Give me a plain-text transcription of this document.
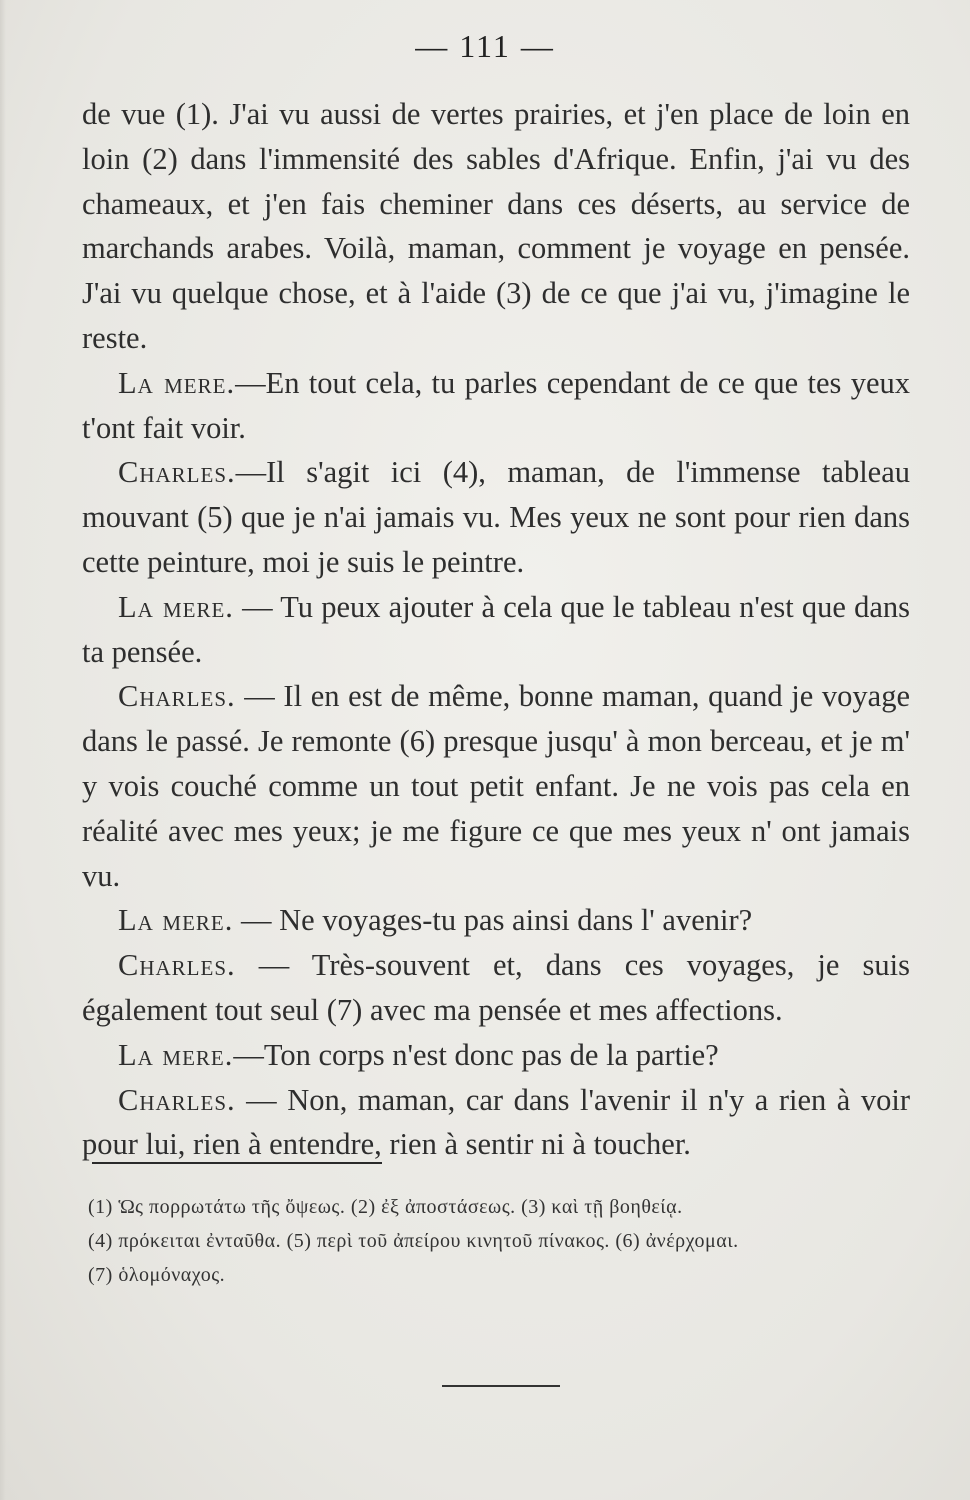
— 111 —

de vue (1). J'ai vu aussi de vertes prairies, et j'en place de loin en loin (2) dans l'immensité des sables d'Afrique. Enfin, j'ai vu des chameaux, et j'en fais cheminer dans ces déserts, au service de marchands arabes. Voilà, maman, comment je voyage en pensée. J'ai vu quelque chose, et à l'aide (3) de ce que j'ai vu, j'imagine le reste.

La mere.—En tout cela, tu parles cependant de ce que tes yeux t'ont fait voir.

Charles.—Il s'agit ici (4), maman, de l'immense tableau mouvant (5) que je n'ai jamais vu. Mes yeux ne sont pour rien dans cette peinture, moi je suis le peintre.

La mere. — Tu peux ajouter à cela que le tableau n'est que dans ta pensée.

Charles. — Il en est de même, bonne maman, quand je voyage dans le passé. Je remonte (6) presque jusqu' à mon berceau, et je m' y vois couché comme un tout petit enfant. Je ne vois pas cela en réalité avec mes yeux; je me figure ce que mes yeux n' ont jamais vu.

La mere. — Ne voyages-tu pas ainsi dans l' avenir?

Charles. — Très-souvent et, dans ces voyages, je suis également tout seul (7) avec ma pensée et mes affections.

La mere.—Ton corps n'est donc pas de la partie?

Charles. — Non, maman, car dans l'avenir il n'y a rien à voir pour lui, rien à entendre, rien à sentir ni à toucher.

(1) Ὡς πορρωτάτω τῆς ὄψεως. (2) ἐξ ἀποστάσεως. (3) καὶ τῇ βοηθείᾳ.
(4) πρόκειται ἐνταῦθα. (5) περὶ τοῦ ἀπείρου κινητοῦ πίνακος. (6) ἀνέρχομαι.
(7) ὁλομόναχος.
